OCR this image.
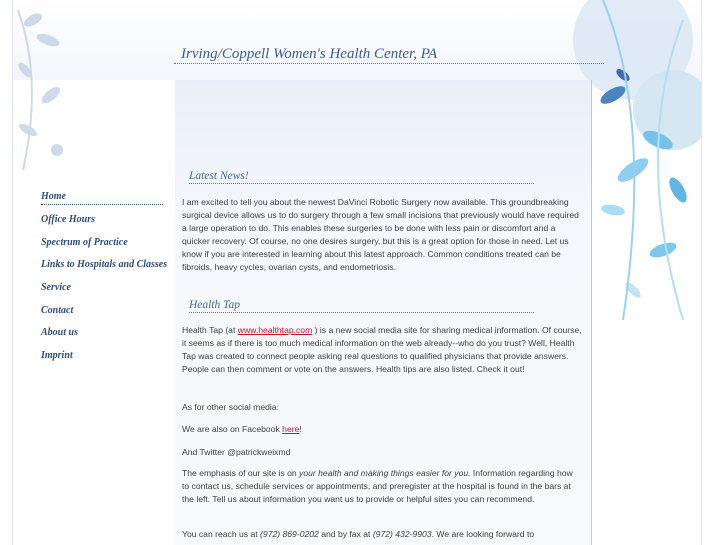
Irving/Coppell Women's Health Center, PA
Home
Office Hours
Spectrum of Practice
Links to Hospitals and Classes
Service
Contact
About us
Imprint
Latest News!
I am excited to tell you about the newest DaVinci Robotic Surgery now available. This groundbreaking surgical device allows us to do surgery through a few small incisions that previously would have required a large operation to do. This enables these surgeries to be done with less pain or discomfort and a quicker recovery. Of course, no one desires surgery, but this is a great option for those in need. Let us know if you are interested in learning about this latest approach. Common conditions treated can be fibroids, heavy cycles, ovarian cysts, and endometriosis.
Health Tap
Health Tap (at www.healthtap.com ) is a new social media site for sharing medical information. Of course, it seems as if there is too much medical information on the web already--who do you trust? Well, Health Tap was created to connect people asking real questions to qualified physicians that provide answers. People can then comment or vote on the answers. Health tips are also listed. Check it out!
As for other social media:
We are also on Facebook here!
And Twitter @patrickweixmd
The emphasis of our site is on your health and making things easier for you. Information regarding how to contact us, schedule services or appointments, and preregister at the hospital is found in the bars at the left. Tell us about information you want us to provide or helpful sites you can recommend.
You can reach us at (972) 869-0202 and by fax at (972) 432-9903. We are looking forward to
